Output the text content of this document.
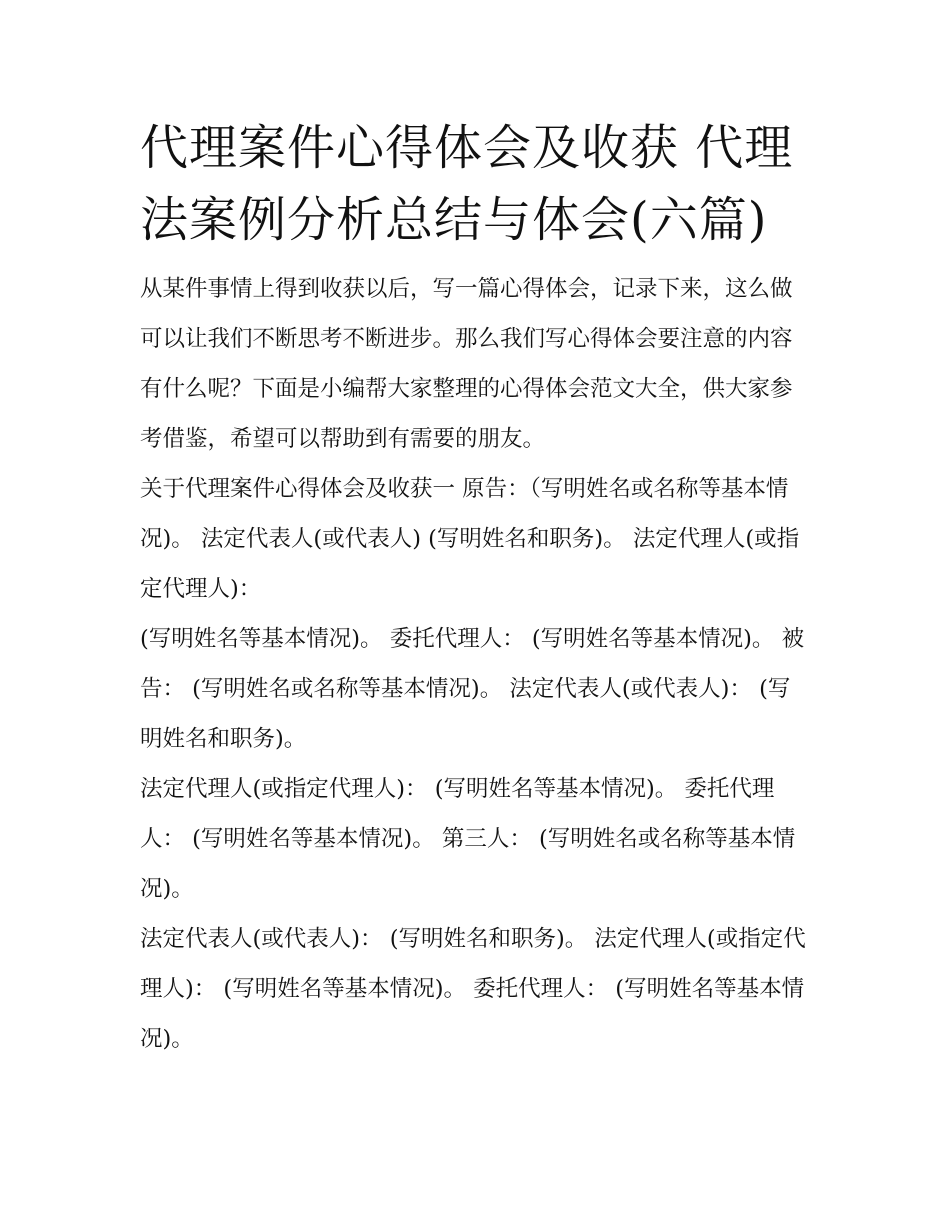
代理案件心得体会及收获 代理法案例分析总结与体会(六篇)

从某件事情上得到收获以后，写一篇心得体会，记录下来，这么做可以让我们不断思考不断进步。那么我们写心得体会要注意的内容有什么呢？下面是小编帮大家整理的心得体会范文大全，供大家参考借鉴，希望可以帮助到有需要的朋友。

关于代理案件心得体会及收获一 原告：（写明姓名或名称等基本情况)。 法定代表人(或代表人) (写明姓名和职务)。 法定代理人(或指定代理人)：

(写明姓名等基本情况)。 委托代理人： (写明姓名等基本情况)。 被告： (写明姓名或名称等基本情况)。 法定代表人(或代表人)： (写明姓名和职务)。

法定代理人(或指定代理人)： (写明姓名等基本情况)。 委托代理人： (写明姓名等基本情况)。 第三人： (写明姓名或名称等基本情况)。

法定代表人(或代表人)： (写明姓名和职务)。 法定代理人(或指定代理人)： (写明姓名等基本情况)。 委托代理人： (写明姓名等基本情况)。
